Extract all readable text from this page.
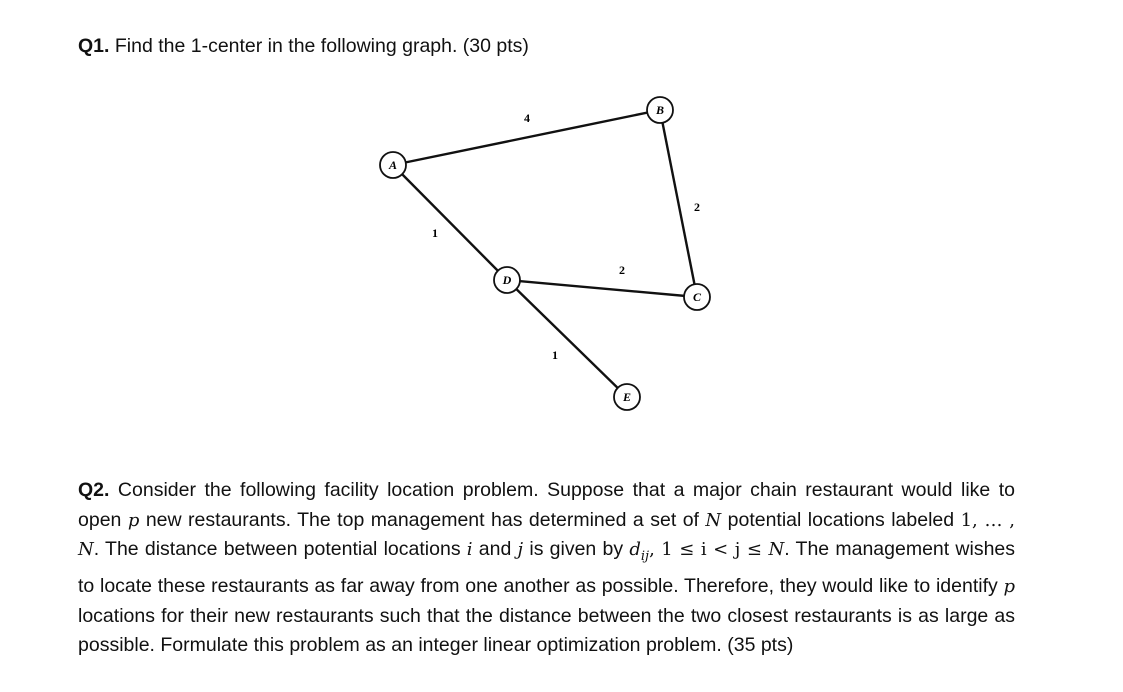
Q1. Find the 1-center in the following graph. (30 pts)
A
B
C
D
E
4
2
1
2
1
Q2. Consider the following facility location problem. Suppose that a major chain restaurant would like to open p new restaurants. The top management has determined a set of N potential locations labeled 1, … , N. The distance between potential locations i and j is given by $d_{ij}$, 1 ≤ i < j ≤ N. The management wishes to locate these restaurants as far away from one another as possible. Therefore, they would like to identify p locations for their new restaurants such that the distance between the two closest restaurants is as large as possible. Formulate this problem as an integer linear optimization problem. (35 pts)
